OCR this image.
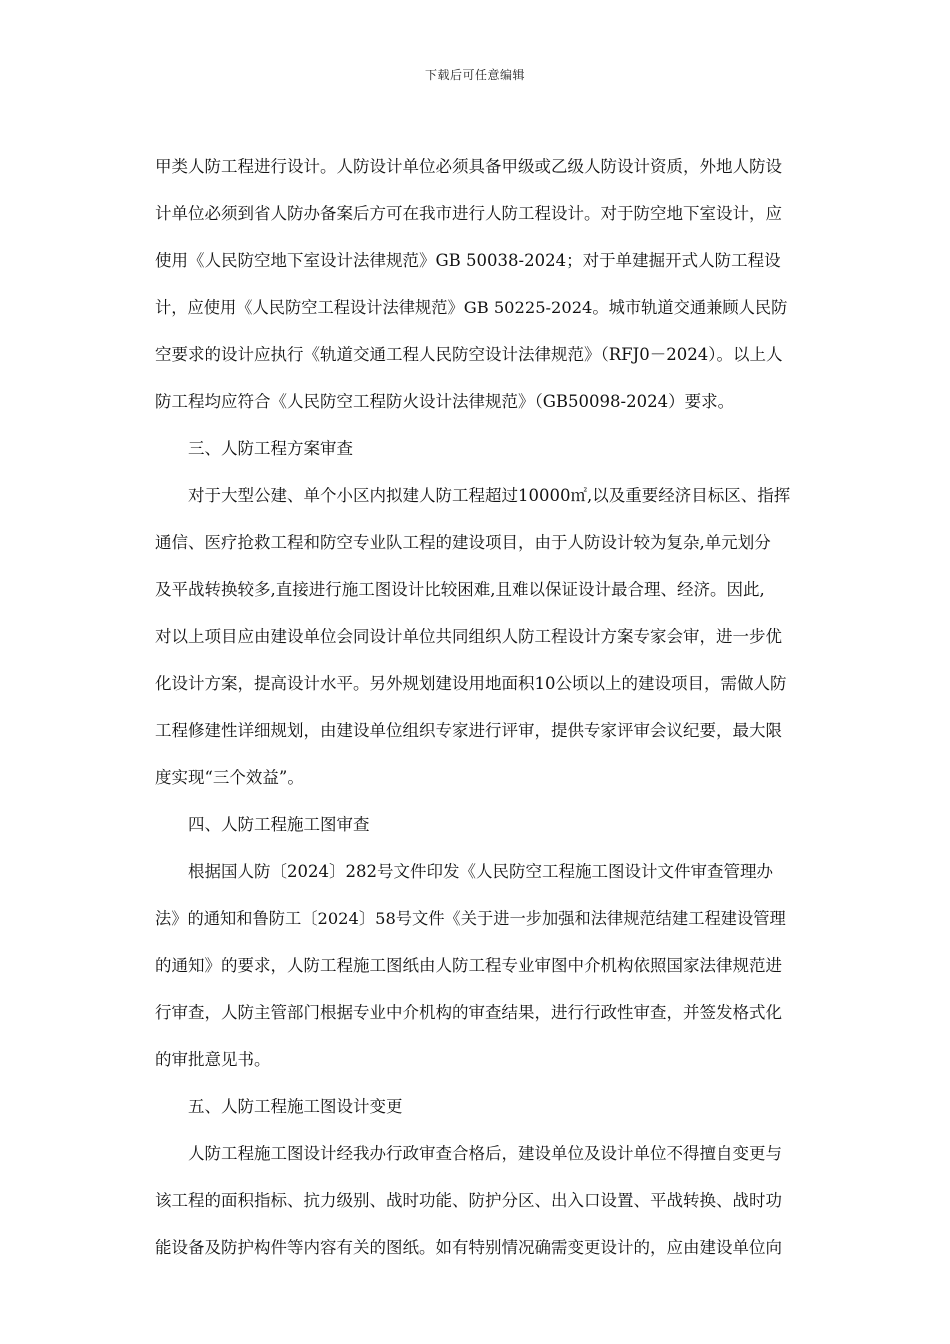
下载后可任意编辑
甲类人防工程进行设计。人防设计单位必须具备甲级或乙级人防设计资质，外地人防设
计单位必须到省人防办备案后方可在我市进行人防工程设计。对于防空地下室设计，应
使用《人民防空地下室设计法律规范》GB 50038-2024；对于单建掘开式人防工程设
计，应使用《人民防空工程设计法律规范》GB 50225-2024。城市轨道交通兼顾人民防
空要求的设计应执行《轨道交通工程人民防空设计法律规范》（RFJ0－2024）。以上人
防工程均应符合《人民防空工程防火设计法律规范》（GB50098-2024）要求。
三、人防工程方案审查
对于大型公建、单个小区内拟建人防工程超过10000㎡,以及重要经济目标区、指挥
通信、医疗抢救工程和防空专业队工程的建设项目，由于人防设计较为复杂,单元划分
及平战转换较多,直接进行施工图设计比较困难,且难以保证设计最合理、经济。因此,
对以上项目应由建设单位会同设计单位共同组织人防工程设计方案专家会审，进一步优
化设计方案，提高设计水平。另外规划建设用地面积10公顷以上的建设项目，需做人防
工程修建性详细规划，由建设单位组织专家进行评审，提供专家评审会议纪要，最大限
度实现“三个效益”。
四、人防工程施工图审查
根据国人防〔2024〕282号文件印发《人民防空工程施工图设计文件审查管理办
法》的通知和鲁防工〔2024〕58号文件《关于进一步加强和法律规范结建工程建设管理
的通知》的要求，人防工程施工图纸由人防工程专业审图中介机构依照国家法律规范进
行审查，人防主管部门根据专业中介机构的审查结果，进行行政性审查，并签发格式化
的审批意见书。
五、人防工程施工图设计变更
人防工程施工图设计经我办行政审查合格后，建设单位及设计单位不得擅自变更与
该工程的面积指标、抗力级别、战时功能、防护分区、出入口设置、平战转换、战时功
能设备及防护构件等内容有关的图纸。如有特别情况确需变更设计的，应由建设单位向
